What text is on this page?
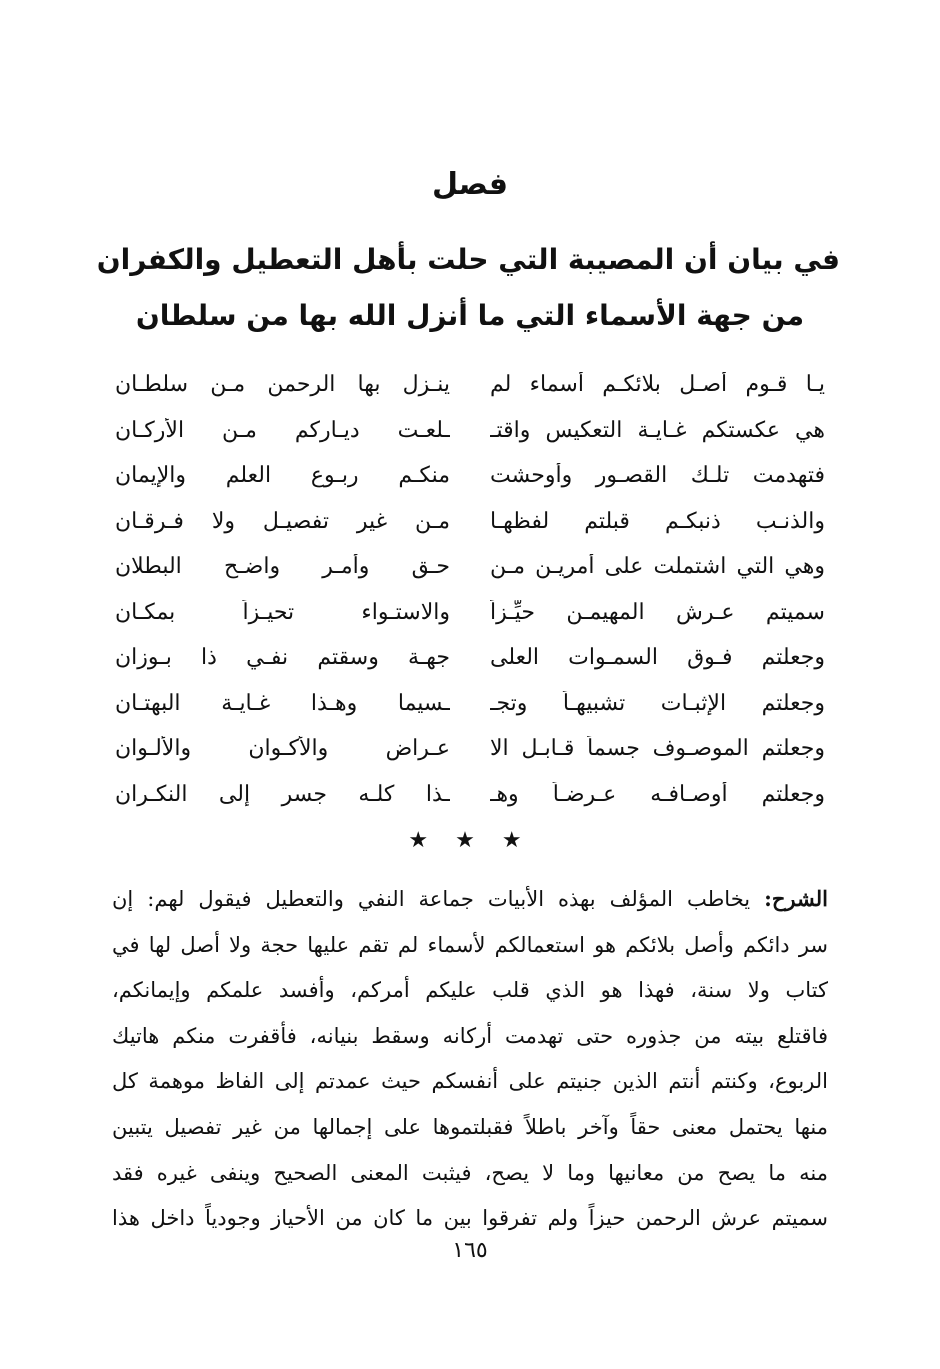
فصل
في بيان أن المصيبة التي حلت بأهل التعطيل والكفران
من جهة الأسماء التي ما أنزل الله بها من سلطان
يـا قـوم أصـل بلائكـم أسماء لم
ينـزل بها الرحمن مـن سلطـان
هي عكستكم غـايـة التعكيس واقتـ
ـلعـت ديـاركم مـن الأركـان
فتهدمت تلـك القصـور وأوحشت
منكـم ربـوع العلم والإيمان
والذنـب ذنبكـم قبلتم لفظهـا
مـن غير تفصيـل ولا فـرقـان
وهي التي اشتملت على أمريـن مـن
حـق وأمـر واضـح البطلان
سميتم عـرش المهيمـن حيِّـزاً
والاستـواء تحيـزاً بمكـان
وجعلتم فـوق السمـوات العلى
جهـة وسقتم نفـي ذا بـوزان
وجعلتم الإثبـات تشبيهـاً وتجـ
ـسيما وهـذا غـايـة البهتـان
وجعلتم الموصـوف جسماً قـابـل الا
عـراض والأكـوان والألـوان
وجعلتم أوصـافـه عـرضـاً وهـ
ـذا كلـه جسر إلى النكـران
★ ★ ★
الشرح: يخاطب المؤلف بهذه الأبيات جماعة النفي والتعطيل فيقول لهم: إن
سر دائكم وأصل بلائكم هو استعمالكم لأسماء لم تقم عليها حجة ولا أصل لها في
كتاب ولا سنة، فهذا هو الذي قلب عليكم أمركم، وأفسد علمكم وإيمانكم،
فاقتلع بيته من جذوره حتى تهدمت أركانه وسقط بنيانه، فأقفرت منكم هاتيك
الربوع، وكنتم أنتم الذين جنيتم على أنفسكم حيث عمدتم إلى الفاظ موهمة كل
منها يحتمل معنى حقاً وآخر باطلاً فقبلتموها على إجمالها من غير تفصيل يتبين
منه ما يصح من معانيها وما لا يصح، فيثبت المعنى الصحيح وينفى غيره فقد
سميتم عرش الرحمن حيزاً ولم تفرقوا بين ما كان من الأحياز وجودياً داخل هذا
١٦٥
